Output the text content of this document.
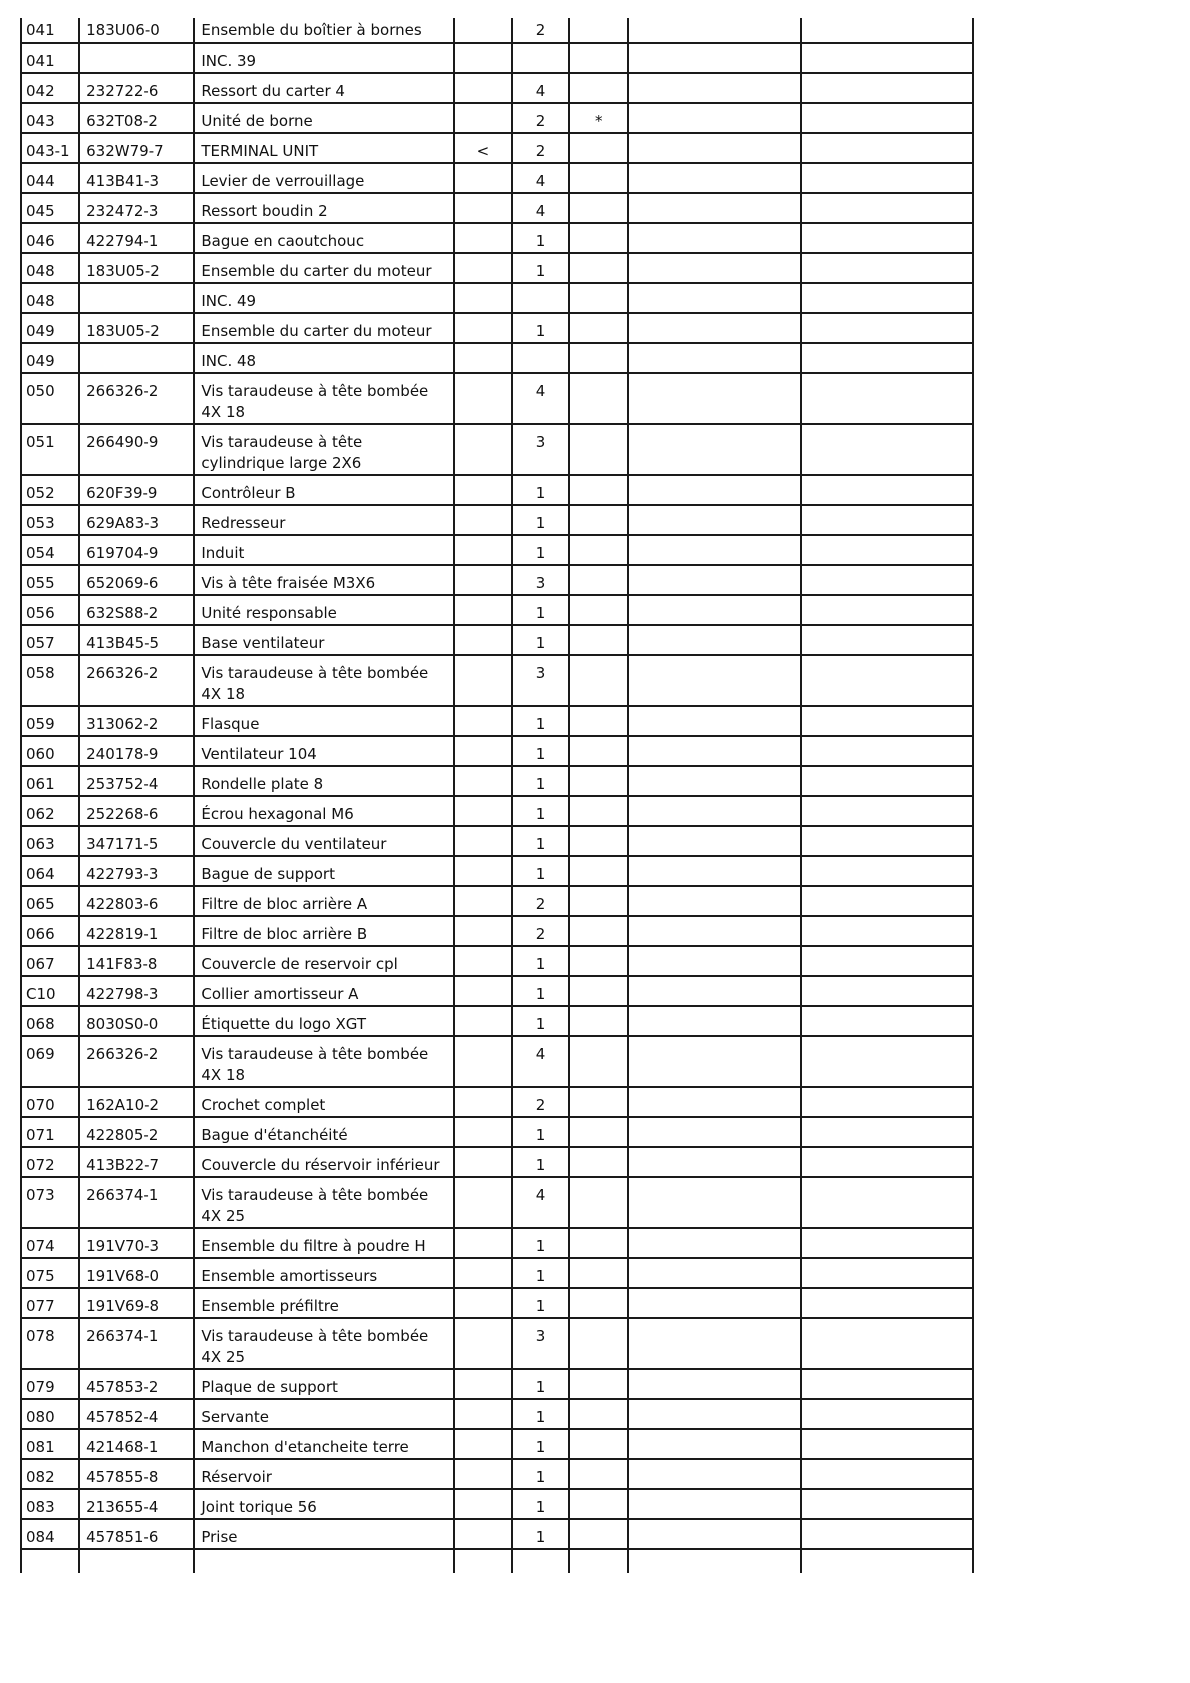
041	183U06-0	Ensemble du boîtier à bornes		2			

041		INC. 39					

042	232722-6	Ressort du carter 4		4			

043	632T08-2	Unité de borne		2	*		

043-1	632W79-7	TERMINAL UNIT	<	2			

044	413B41-3	Levier de verrouillage		4			

045	232472-3	Ressort boudin 2		4			

046	422794-1	Bague en caoutchouc		1			

048	183U05-2	Ensemble du carter du moteur		1			

048		INC. 49					

049	183U05-2	Ensemble du carter du moteur		1			

049		INC. 48					

050	266326-2	Vis taraudeuse à tête bombée 4X 18		4			

051	266490-9	Vis taraudeuse à tête cylindrique large 2X6		3			

052	620F39-9	Contrôleur B		1			

053	629A83-3	Redresseur		1			

054	619704-9	Induit		1			

055	652069-6	Vis à tête fraisée M3X6		3			

056	632S88-2	Unité responsable		1			

057	413B45-5	Base ventilateur		1			

058	266326-2	Vis taraudeuse à tête bombée 4X 18		3			

059	313062-2	Flasque		1			

060	240178-9	Ventilateur 104		1			

061	253752-4	Rondelle plate 8		1			

062	252268-6	Écrou hexagonal M6		1			

063	347171-5	Couvercle du ventilateur		1			

064	422793-3	Bague de support		1			

065	422803-6	Filtre de bloc arrière A		2			

066	422819-1	Filtre de bloc arrière B		2			

067	141F83-8	Couvercle de reservoir cpl		1			

C10	422798-3	Collier amortisseur A		1			

068	8030S0-0	Étiquette du logo XGT		1			

069	266326-2	Vis taraudeuse à tête bombée 4X 18		4			

070	162A10-2	Crochet complet		2			

071	422805-2	Bague d'étanchéité		1			

072	413B22-7	Couvercle du réservoir inférieur		1			

073	266374-1	Vis taraudeuse à tête bombée 4X 25		4			

074	191V70-3	Ensemble du filtre à poudre H		1			

075	191V68-0	Ensemble amortisseurs		1			

077	191V69-8	Ensemble préfiltre		1			

078	266374-1	Vis taraudeuse à tête bombée 4X 25		3			

079	457853-2	Plaque de support		1			

080	457852-4	Servante		1			

081	421468-1	Manchon d'etancheite terre		1			

082	457855-8	Réservoir		1			

083	213655-4	Joint torique 56		1			

084	457851-6	Prise		1			
